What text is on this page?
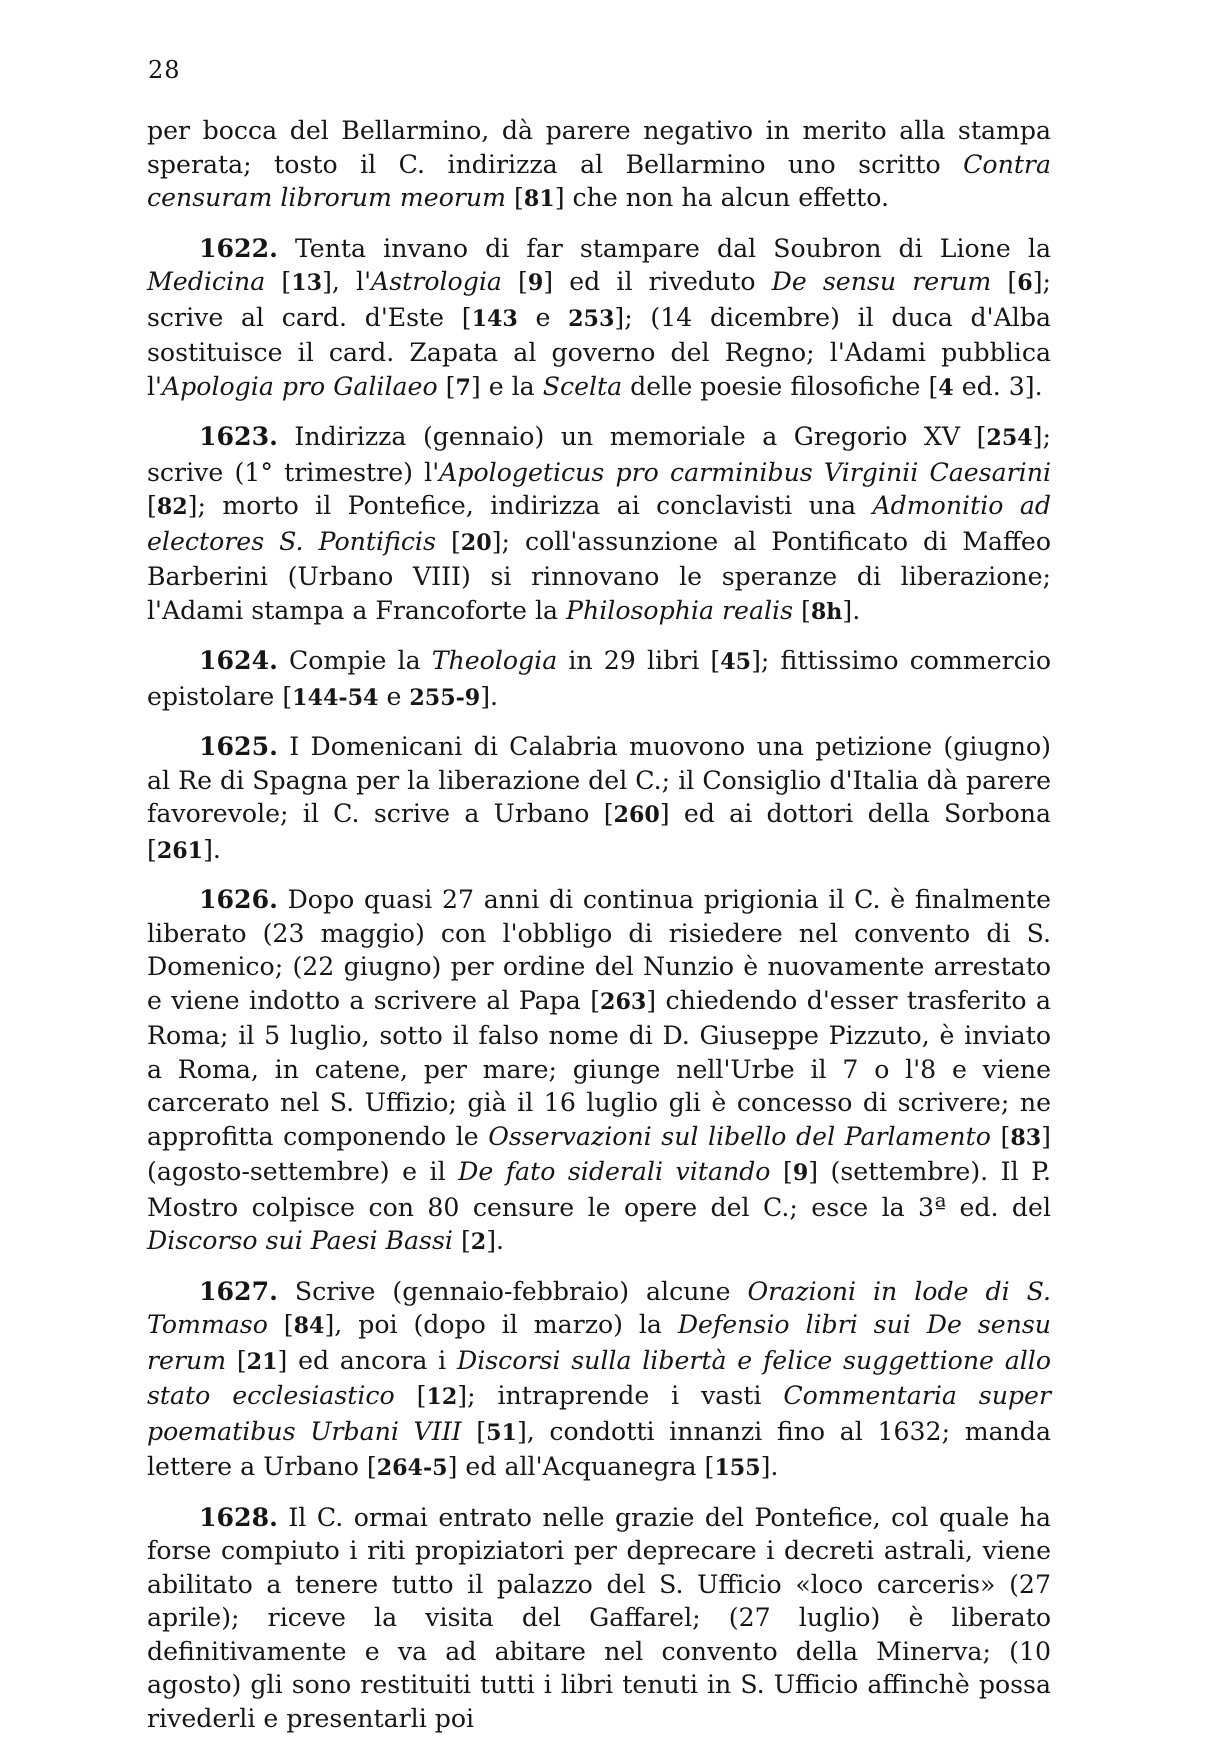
28

per bocca del Bellarmino, dà parere negativo in merito alla stampa sperata; tosto il C. indirizza al Bellarmino uno scritto Contra censuram librorum meorum [81] che non ha alcun effetto.

1622. Tenta invano di far stampare dal Soubron di Lione la Medicina [13], l'Astrologia [9] ed il riveduto De sensu rerum [6]; scrive al card. d'Este [143 e 253]; (14 dicembre) il duca d'Alba sostituisce il card. Zapata al governo del Regno; l'Adami pubblica l'Apologia pro Galilaeo [7] e la Scelta delle poesie filosofiche [4 ed. 3].

1623. Indirizza (gennaio) un memoriale a Gregorio XV [254]; scrive (1° trimestre) l'Apologeticus pro carminibus Virginii Caesarini [82]; morto il Pontefice, indirizza ai conclavisti una Admonitio ad electores S. Pontificis [20]; coll'assunzione al Pontificato di Maffeo Barberini (Urbano VIII) si rinnovano le speranze di liberazione; l'Adami stampa a Francoforte la Philosophia realis [8h].

1624. Compie la Theologia in 29 libri [45]; fittissimo commercio epistolare [144-54 e 255-9].

1625. I Domenicani di Calabria muovono una petizione (giugno) al Re di Spagna per la liberazione del C.; il Consiglio d'Italia dà parere favorevole; il C. scrive a Urbano [260] ed ai dottori della Sorbona [261].

1626. Dopo quasi 27 anni di continua prigionia il C. è finalmente liberato (23 maggio) con l'obbligo di risiedere nel convento di S. Domenico; (22 giugno) per ordine del Nunzio è nuovamente arrestato e viene indotto a scrivere al Papa [263] chiedendo d'esser trasferito a Roma; il 5 luglio, sotto il falso nome di D. Giuseppe Pizzuto, è inviato a Roma, in catene, per mare; giunge nell'Urbe il 7 o l'8 e viene carcerato nel S. Uffizio; già il 16 luglio gli è concesso di scrivere; ne approfitta componendo le Osservazioni sul libello del Parlamento [83] (agosto-settembre) e il De fato siderali vitando [9] (settembre). Il P. Mostro colpisce con 80 censure le opere del C.; esce la 3ª ed. del Discorso sui Paesi Bassi [2].

1627. Scrive (gennaio-febbraio) alcune Orazioni in lode di S. Tommaso [84], poi (dopo il marzo) la Defensio libri sui De sensu rerum [21] ed ancora i Discorsi sulla libertà e felice suggettione allo stato ecclesiastico [12]; intraprende i vasti Commentaria super poematibus Urbani VIII [51], condotti innanzi fino al 1632; manda lettere a Urbano [264-5] ed all'Acquanegra [155].

1628. Il C. ormai entrato nelle grazie del Pontefice, col quale ha forse compiuto i riti propiziatori per deprecare i decreti astrali, viene abilitato a tenere tutto il palazzo del S. Ufficio «loco carceris» (27 aprile); riceve la visita del Gaffarel; (27 luglio) è liberato definitivamente e va ad abitare nel convento della Minerva; (10 agosto) gli sono restituiti tutti i libri tenuti in S. Ufficio affinchè possa rivederli e presentarli poi
